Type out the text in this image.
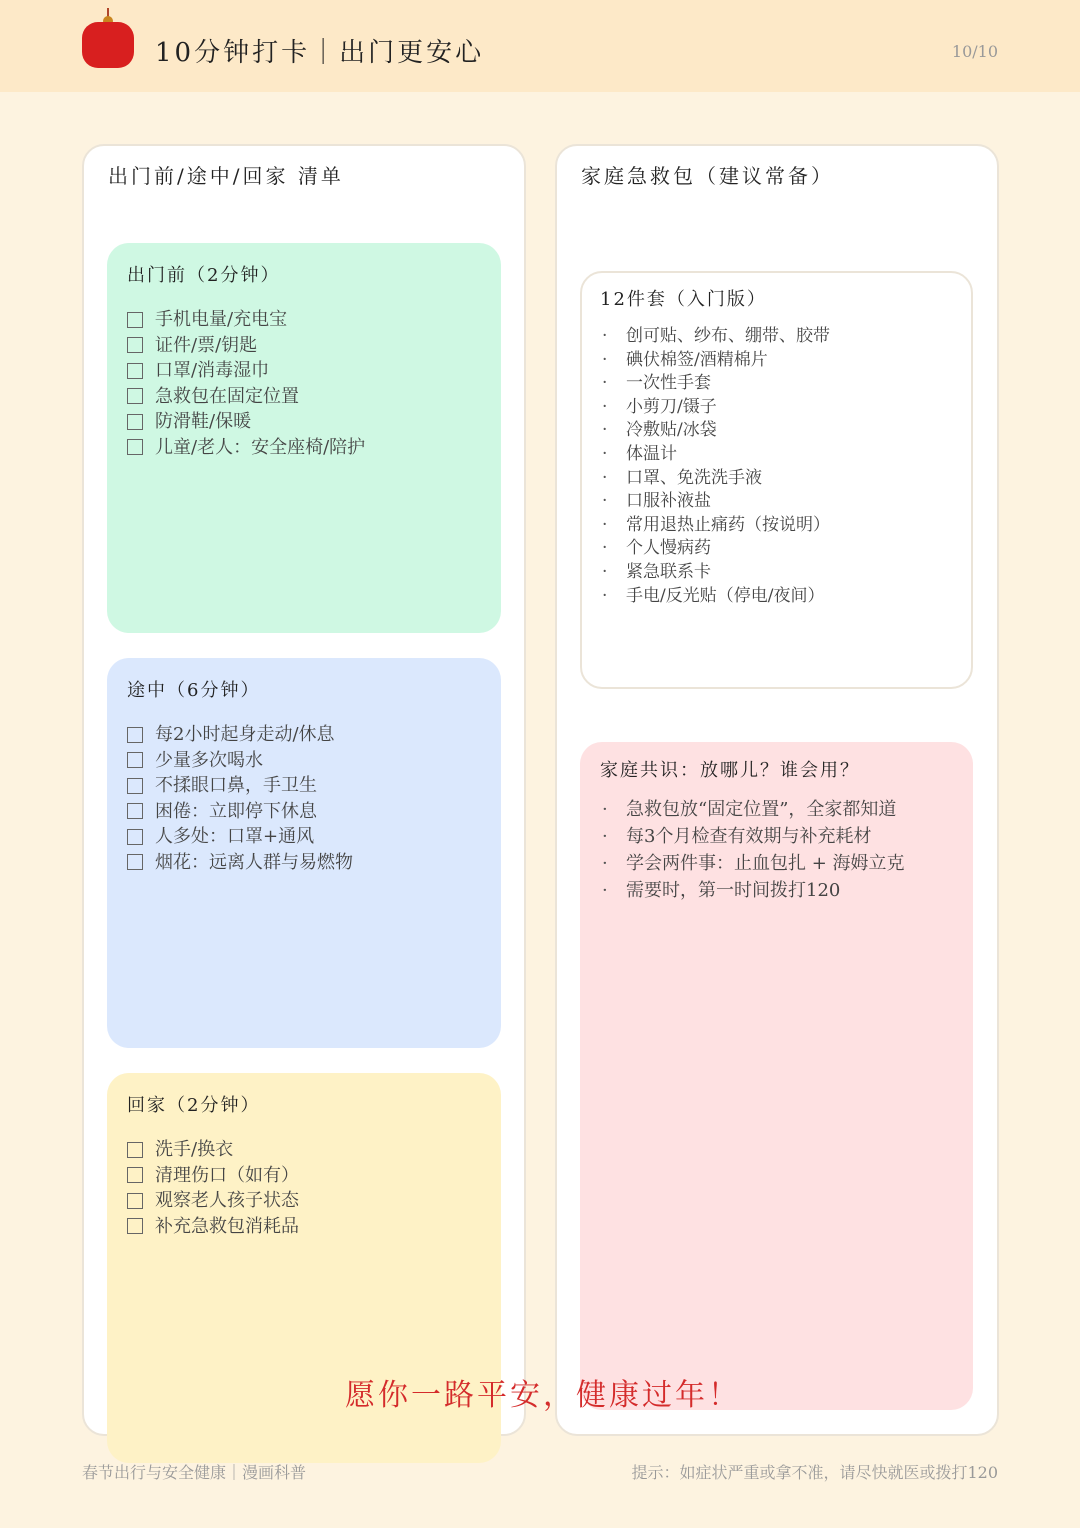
10分钟打卡｜出门更安心	10/10
出门前/途中/回家 清单
出门前（2分钟）
手机电量/充电宝
证件/票/钥匙
口罩/消毒湿巾
急救包在固定位置
防滑鞋/保暖
儿童/老人：安全座椅/陪护
途中（6分钟）
每2小时起身走动/休息
少量多次喝水
不揉眼口鼻，手卫生
困倦：立即停下休息
人多处：口罩+通风
烟花：远离人群与易燃物
回家（2分钟）
洗手/换衣
清理伤口（如有）
观察老人孩子状态
补充急救包消耗品
家庭急救包（建议常备）
12件套（入门版）
·	创可贴、纱布、绷带、胶带
·	碘伏棉签/酒精棉片
·	一次性手套
·	小剪刀/镊子
·	冷敷贴/冰袋
·	体温计
·	口罩、免洗洗手液
·	口服补液盐
·	常用退热止痛药（按说明）
·	个人慢病药
·	紧急联系卡
·	手电/反光贴（停电/夜间）
家庭共识：放哪儿？谁会用？
·	急救包放“固定位置”，全家都知道
·	每3个月检查有效期与补充耗材
·	学会两件事：止血包扎 + 海姆立克
·	需要时，第一时间拨打120
愿你一路平安，健康过年！
春节出行与安全健康｜漫画科普	提示：如症状严重或拿不准，请尽快就医或拨打120
